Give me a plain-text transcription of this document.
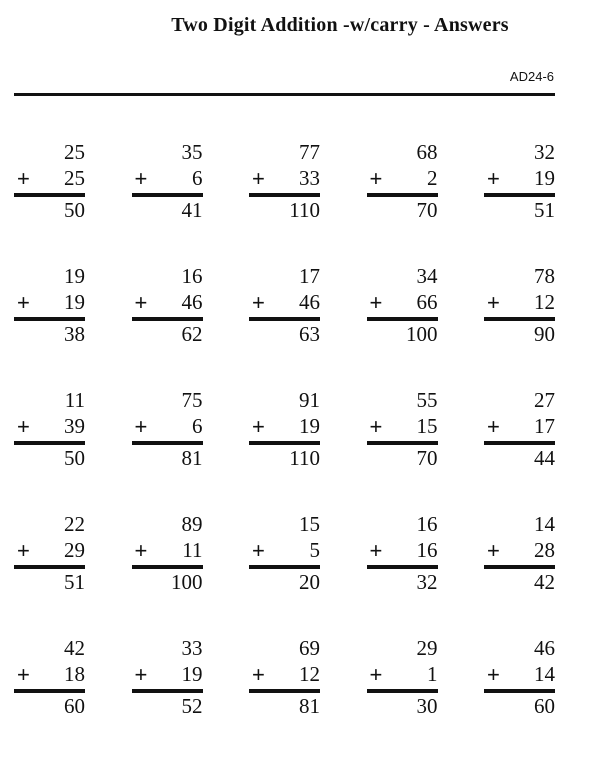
Two Digit Addition -w/carry - Answers
AD24-6
25
+ 25
50
35
+ 6
41
77
+ 33
110
68
+ 2
70
32
+ 19
51
19
+ 19
38
16
+ 46
62
17
+ 46
63
34
+ 66
100
78
+ 12
90
11
+ 39
50
75
+ 6
81
91
+ 19
110
55
+ 15
70
27
+ 17
44
22
+ 29
51
89
+ 11
100
15
+ 5
20
16
+ 16
32
14
+ 28
42
42
+ 18
60
33
+ 19
52
69
+ 12
81
29
+ 1
30
46
+ 14
60
